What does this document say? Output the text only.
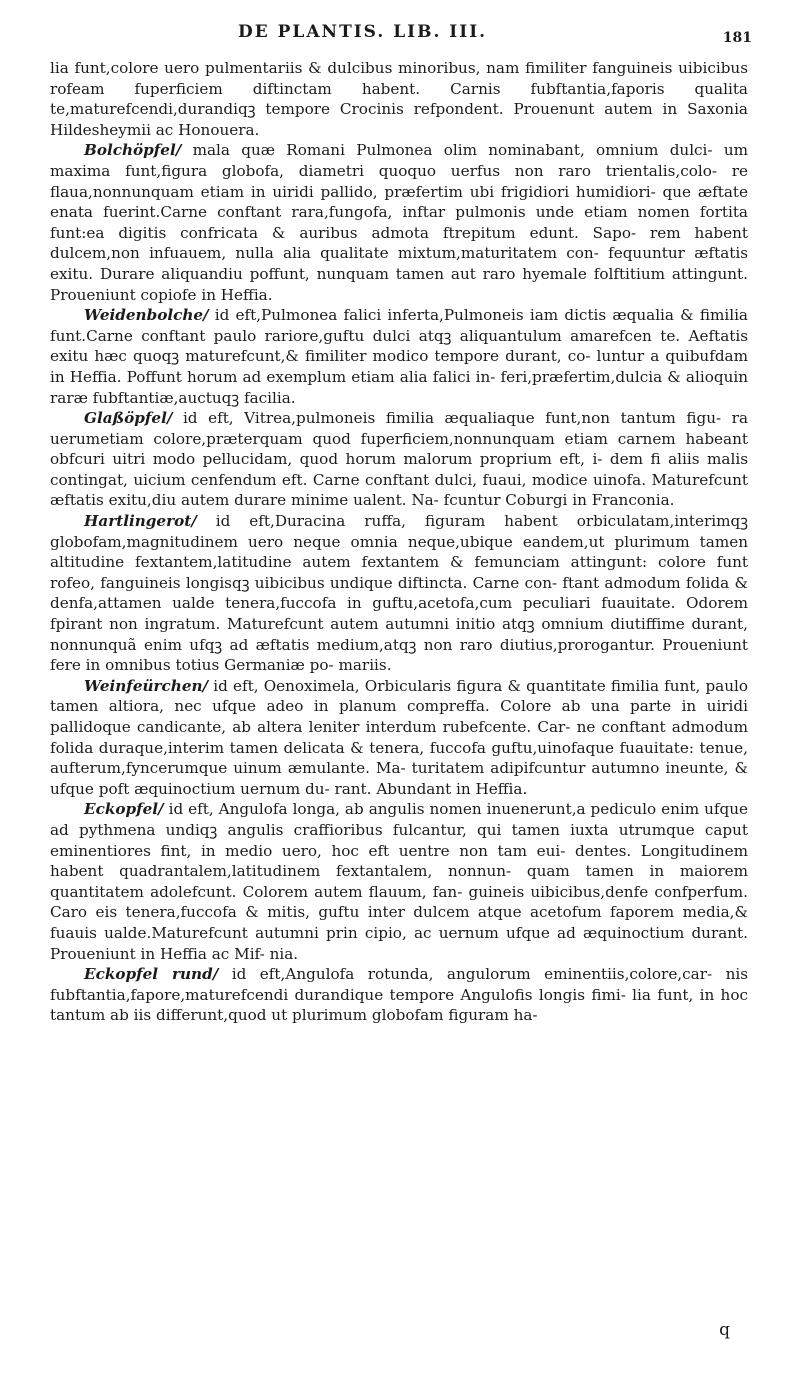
DE PLANTIS. LIB. III.	181

lia funt,colore uero pulmentariis & dulcibus minoribus, nam fimiliter fanguineis uibicibus rofeam fuperficiem diftinctam habent. Carnis fubftantia,faporis qualita te,maturefcendi,durandiqꝫ tempore Crocinis refpondent. Prouenunt autem in Saxonia Hildesheymii ac Honouera.

Bolchöpfel/ mala quæ Romani Pulmonea olim nominabant, omnium dulci- um maxima funt,figura globofa, diametri quoquo uerfus non raro trientalis,colo- re flaua,nonnunquam etiam in uiridi pallido, præfertim ubi frigidiori humidiori- que æftate enata fuerint.Carne conftant rara,fungofa, inftar pulmonis unde etiam nomen fortita funt:ea digitis confricata & auribus admota ftrepitum edunt. Sapo- rem habent dulcem,non infuauem, nulla alia qualitate mixtum,maturitatem con- fequuntur æftatis exitu. Durare aliquandiu poffunt, nunquam tamen aut raro hyemale folftitium attingunt. Proueniunt copiofe in Heffia.

Weidenbolche/ id eft,Pulmonea falici inferta,Pulmoneis iam dictis æqualia & fimilia funt.Carne conftant paulo rariore,guftu dulci atqꝫ aliquantulum amarefcen te. Aeftatis exitu hæc quoqꝫ maturefcunt,& fimiliter modico tempore durant, co- luntur a quibufdam in Heffia. Poffunt horum ad exemplum etiam alia falici in- feri,præfertim,dulcia & alioquin raræ fubftantiæ,auctuqꝫ facilia.

Glaßöpfel/ id eft, Vitrea,pulmoneis fimilia æqualiaque funt,non tantum figu- ra uerumetiam colore,præterquam quod fuperficiem,nonnunquam etiam carnem habeant obfcuri uitri modo pellucidam, quod horum malorum proprium eft, i- dem fi aliis malis contingat, uicium cenfendum eft. Carne conftant dulci, fuaui, modice uinofa. Maturefcunt æftatis exitu,diu autem durare minime ualent. Na- fcuntur Coburgi in Franconia.

Hartlingerot/ id eft,Duracina ruffa, figuram habent orbiculatam,interimqꝫ globofam,magnitudinem uero neque omnia neque,ubique eandem,ut plurimum tamen altitudine fextantem,latitudine autem fextantem & femunciam attingunt: colore funt rofeo, fanguineis longisqꝫ uibicibus undique diftincta. Carne con- ftant admodum folida & denfa,attamen ualde tenera,fuccofa in guftu,acetofa,cum peculiari fuauitate. Odorem fpirant non ingratum. Maturefcunt autem autumni initio atqꝫ omnium diutiffime durant, nonnunquã enim ufqꝫ ad æftatis medium,atqꝫ non raro diutius,prorogantur. Proueniunt fere in omnibus totius Germaniæ po- mariis.

Weinfeürchen/ id eft, Oenoximela, Orbicularis figura & quantitate fimilia funt, paulo tamen altiora, nec ufque adeo in planum compreffa. Colore ab una parte in uiridi pallidoque candicante, ab altera leniter interdum rubefcente. Car- ne conftant admodum folida duraque,interim tamen delicata & tenera, fuccofa guftu,uinofaque fuauitate: tenue, aufterum,fyncerumque uinum æmulante. Ma- turitatem adipifcuntur autumno ineunte, & ufque poft æquinoctium uernum du- rant. Abundant in Heffia.

Eckopfel/ id eft, Angulofa longa, ab angulis nomen inuenerunt,a pediculo enim ufque ad pythmena undiqꝫ angulis craffioribus fulcantur, qui tamen iuxta utrumque caput eminentiores fint, in medio uero, hoc eft uentre non tam eui- dentes. Longitudinem habent quadrantalem,latitudinem fextantalem, nonnun- quam tamen in maiorem quantitatem adolefcunt. Colorem autem flauum, fan- guineis uibicibus,denfe confperfum. Caro eis tenera,fuccofa & mitis, guftu inter dulcem atque acetofum faporem media,& fuauis ualde.Maturefcunt autumni prin cipio, ac uernum ufque ad æquinoctium durant. Proueniunt in Heffia ac Mif- nia.

Eckopfel rund/ id eft,Angulofa rotunda, angulorum eminentiis,colore,car- nis fubftantia,fapore,maturefcendi durandique tempore Angulofis longis fimi- lia funt, in hoc tantum ab iis differunt,quod ut plurimum globofam figuram ha-

q
